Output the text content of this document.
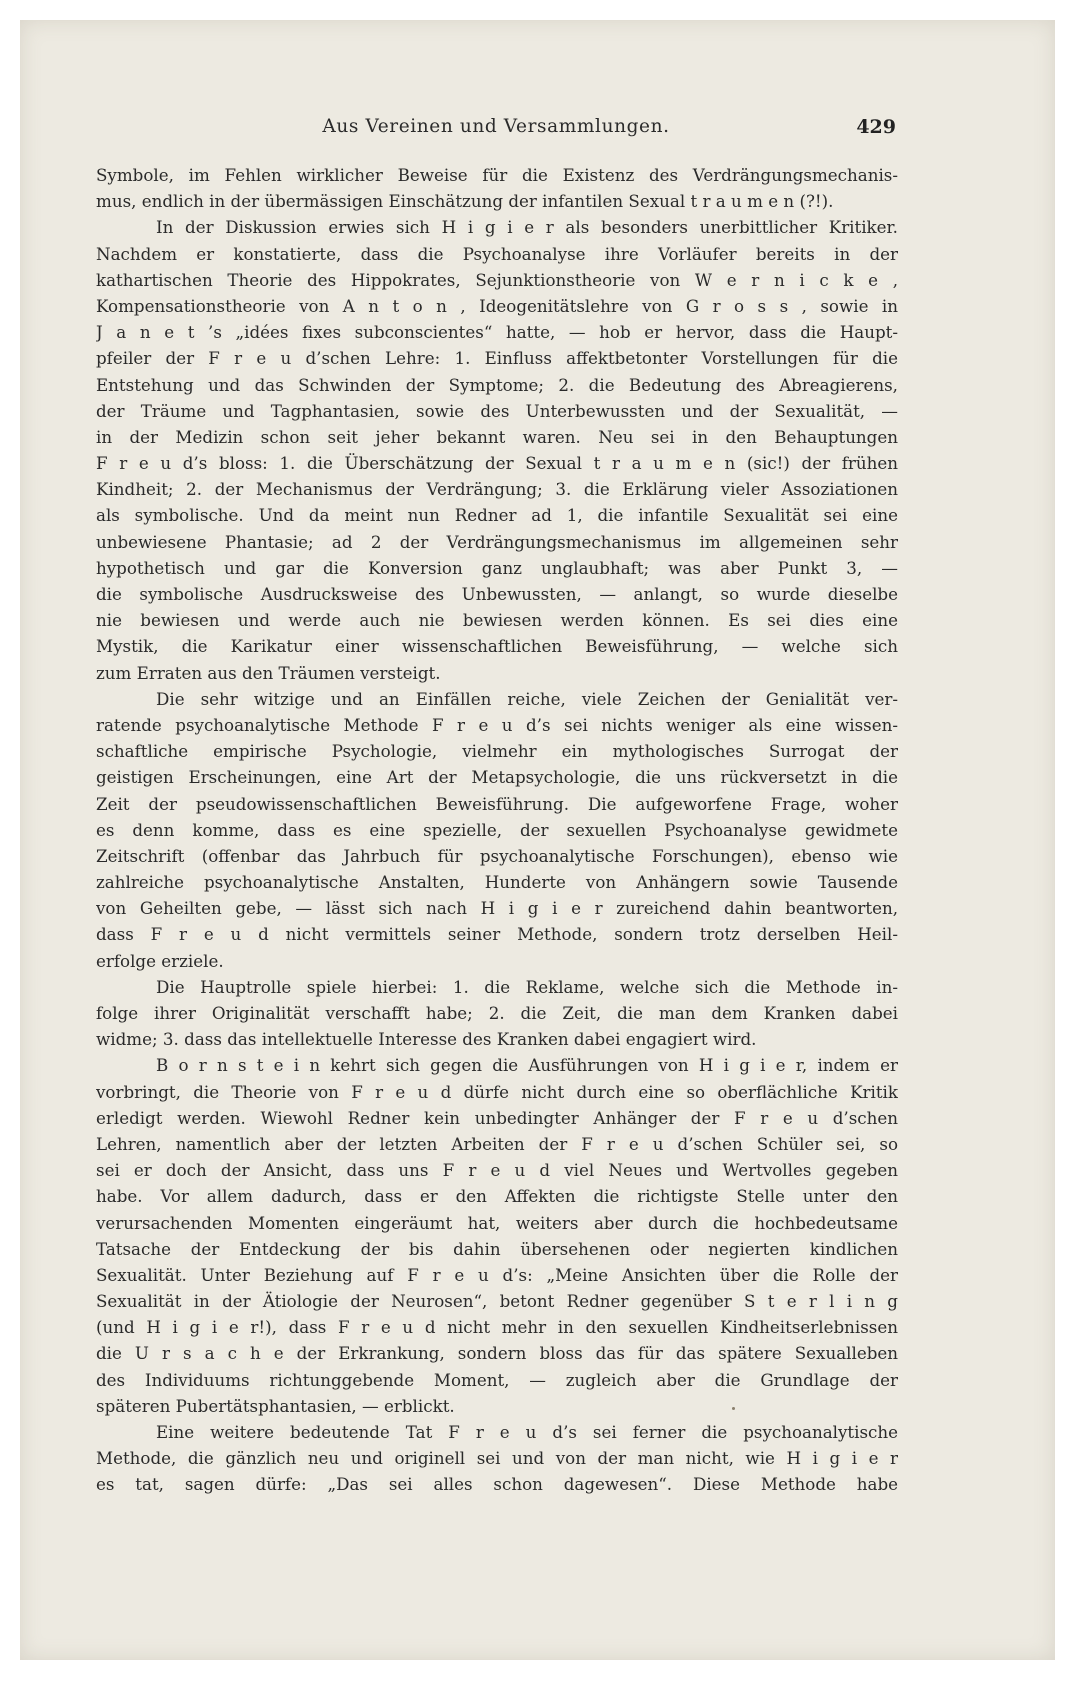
Aus Vereinen und Versammlungen.	429
Symbole, im Fehlen wirklicher Beweise für die Existenz des Verdrängungsmechanis-
mus, endlich in der übermässigen Einschätzung der infantilen Sexual t r a u m e n (?!).
In der Diskussion erwies sich H i g i e r als besonders unerbittlicher Kritiker.
Nachdem er konstatierte, dass die Psychoanalyse ihre Vorläufer bereits in der
kathartischen Theorie des Hippokrates, Sejunktionstheorie von W e r n i c k e ,
Kompensationstheorie von A n t o n , Ideogenitätslehre von G r o s s , sowie in
J a n e t ’s „idées fixes subconscientes“ hatte, — hob er hervor, dass die Haupt-
pfeiler der F r e u d’schen Lehre: 1. Einfluss affektbetonter Vorstellungen für die
Entstehung und das Schwinden der Symptome; 2. die Bedeutung des Abreagierens,
der Träume und Tagphantasien, sowie des Unterbewussten und der Sexualität, —
in der Medizin schon seit jeher bekannt waren. Neu sei in den Behauptungen
F r e u d’s bloss: 1. die Überschätzung der Sexual t r a u m e n (sic!) der frühen
Kindheit; 2. der Mechanismus der Verdrängung; 3. die Erklärung vieler Assoziationen
als symbolische. Und da meint nun Redner ad 1, die infantile Sexualität sei eine
unbewiesene Phantasie; ad 2 der Verdrängungsmechanismus im allgemeinen sehr
hypothetisch und gar die Konversion ganz unglaubhaft; was aber Punkt 3, —
die symbolische Ausdrucksweise des Unbewussten, — anlangt, so wurde dieselbe
nie bewiesen und werde auch nie bewiesen werden können. Es sei dies eine
Mystik, die Karikatur einer wissenschaftlichen Beweisführung, — welche sich
zum Erraten aus den Träumen versteigt.
Die sehr witzige und an Einfällen reiche, viele Zeichen der Genialität ver-
ratende psychoanalytische Methode F r e u d’s sei nichts weniger als eine wissen-
schaftliche empirische Psychologie, vielmehr ein mythologisches Surrogat der
geistigen Erscheinungen, eine Art der Metapsychologie, die uns rückversetzt in die
Zeit der pseudowissenschaftlichen Beweisführung. Die aufgeworfene Frage, woher
es denn komme, dass es eine spezielle, der sexuellen Psychoanalyse gewidmete
Zeitschrift (offenbar das Jahrbuch für psychoanalytische Forschungen), ebenso wie
zahlreiche psychoanalytische Anstalten, Hunderte von Anhängern sowie Tausende
von Geheilten gebe, — lässt sich nach H i g i e r zureichend dahin beantworten,
dass F r e u d nicht vermittels seiner Methode, sondern trotz derselben Heil-
erfolge erziele.
Die Hauptrolle spiele hierbei: 1. die Reklame, welche sich die Methode in-
folge ihrer Originalität verschafft habe; 2. die Zeit, die man dem Kranken dabei
widme; 3. dass das intellektuelle Interesse des Kranken dabei engagiert wird.
B o r n s t e i n kehrt sich gegen die Ausführungen von H i g i e r, indem er
vorbringt, die Theorie von F r e u d dürfe nicht durch eine so oberflächliche Kritik
erledigt werden. Wiewohl Redner kein unbedingter Anhänger der F r e u d’schen
Lehren, namentlich aber der letzten Arbeiten der F r e u d’schen Schüler sei, so
sei er doch der Ansicht, dass uns F r e u d viel Neues und Wertvolles gegeben
habe. Vor allem dadurch, dass er den Affekten die richtigste Stelle unter den
verursachenden Momenten eingeräumt hat, weiters aber durch die hochbedeutsame
Tatsache der Entdeckung der bis dahin übersehenen oder negierten kindlichen
Sexualität. Unter Beziehung auf F r e u d’s: „Meine Ansichten über die Rolle der
Sexualität in der Ätiologie der Neurosen“, betont Redner gegenüber S t e r l i n g
(und H i g i e r!), dass F r e u d nicht mehr in den sexuellen Kindheitserlebnissen
die U r s a c h e der Erkrankung, sondern bloss das für das spätere Sexualleben
des Individuums richtunggebende Moment, — zugleich aber die Grundlage der
späteren Pubertätsphantasien, — erblickt.
Eine weitere bedeutende Tat F r e u d’s sei ferner die psychoanalytische
Methode, die gänzlich neu und originell sei und von der man nicht, wie H i g i e r
es tat, sagen dürfe: „Das sei alles schon dagewesen“. Diese Methode habe
